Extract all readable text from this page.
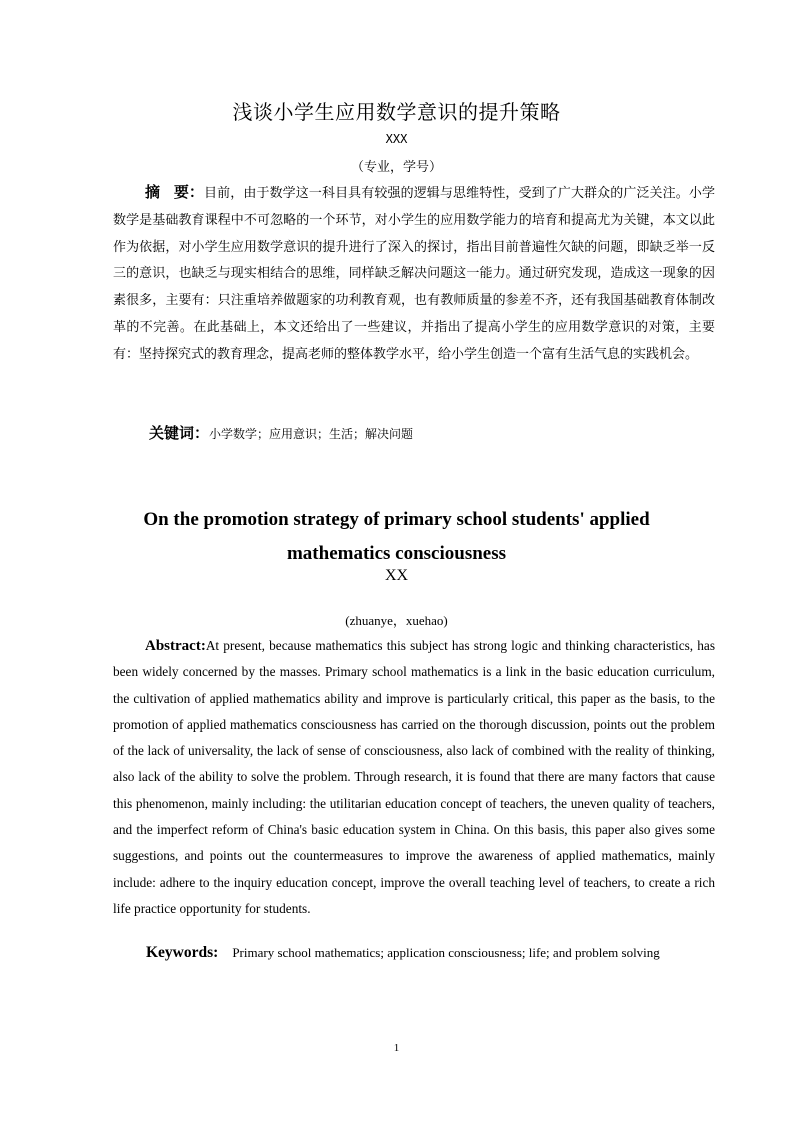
浅谈小学生应用数学意识的提升策略
XXX
（专业，学号）
摘 要：目前，由于数学这一科目具有较强的逻辑与思维特性，受到了广大群众的广泛关注。小学数学是基础教育课程中不可忽略的一个环节，对小学生的应用数学能力的培育和提高尤为关键，本文以此作为依据，对小学生应用数学意识的提升进行了深入的探讨，指出目前普遍性欠缺的问题，即缺乏举一反三的意识，也缺乏与现实相结合的思维，同样缺乏解决问题这一能力。通过研究发现，造成这一现象的因素很多，主要有：只注重培养做题家的功利教育观，也有教师质量的参差不齐，还有我国基础教育体制改革的不完善。在此基础上，本文还给出了一些建议，并指出了提高小学生的应用数学意识的对策，主要有：坚持探究式的教育理念，提高老师的整体教学水平，给小学生创造一个富有生活气息的实践机会。
关键词：小学数学；应用意识；生活；解决问题
On the promotion strategy of primary school students' applied
mathematics consciousness
XX
(zhuanye，xuehao)
Abstract:At present, because mathematics this subject has strong logic and thinking characteristics, has been widely concerned by the masses. Primary school mathematics is a link in the basic education curriculum, the cultivation of applied mathematics ability and improve is particularly critical, this paper as the basis, to the promotion of applied mathematics consciousness has carried on the thorough discussion, points out the problem of the lack of universality, the lack of sense of consciousness, also lack of combined with the reality of thinking, also lack of the ability to solve the problem. Through research, it is found that there are many factors that cause this phenomenon, mainly including: the utilitarian education concept of teachers, the uneven quality of teachers, and the imperfect reform of China's basic education system in China. On this basis, this paper also gives some suggestions, and points out the countermeasures to improve the awareness of applied mathematics, mainly include: adhere to the inquiry education concept, improve the overall teaching level of teachers, to create a rich life practice opportunity for students.
Keywords: Primary school mathematics; application consciousness; life; and problem solving
1
